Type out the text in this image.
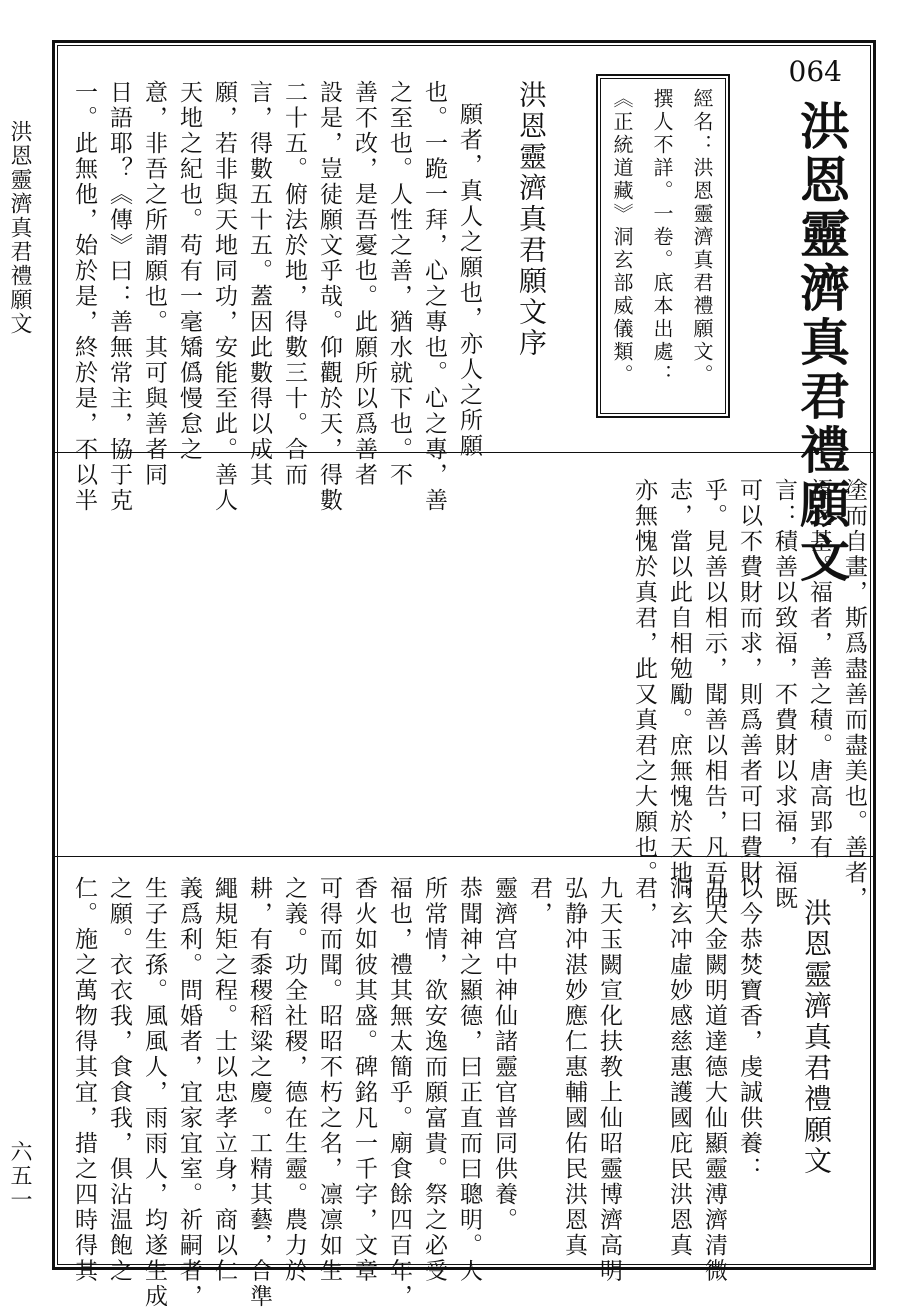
洪恩靈濟真君禮願文
六五一
064
洪恩靈濟真君禮願文
經名：洪恩靈濟真君禮願文。
撰人不詳。一卷。底本出處：
《正統道藏》洞玄部威儀類。
洪恩靈濟真君願文序
願者，真人之願也，亦人之所願
也。一跪一拜，心之專也。心之專，善
之至也。人性之善，猶水就下也。不
善不改，是吾憂也。此願所以爲善者
設是，豈徒願文乎哉。仰觀於天，得數
二十五。俯法於地，得數三十。合而
言，得數五十五。蓋因此數得以成其
願，若非與天地同功，安能至此。善人
天地之紀也。苟有一毫矯僞慢怠之
意，非吾之所謂願也。其可與善者同
日語耶？《傳》曰：善無常主，協于克
一。此無他，始於是，終於是，不以半
塗而自畫，斯爲盡善而盡美也。善者，
福之基。福者，善之積。唐高郢有
言：積善以致福，不費財以求福，福既
可以不費財而求，則爲善者可曰費財
乎。見善以相示，聞善以相告，凡吾同
志，當以此自相勉勵。庶無愧於天地，
亦無愧於真君，此又真君之大願也。
洪恩靈濟真君禮願文
以今恭焚寶香，虔誠供養：
九天金闕明道達德大仙顯靈溥濟清微
洞玄冲虛妙感慈惠護國庇民洪恩真
君，
九天玉闕宣化扶教上仙昭靈博濟高明
弘静冲湛妙應仁惠輔國佑民洪恩真
君，
靈濟宫中神仙諸靈官普同供養。
恭聞神之顯德，曰正直而曰聰明。人
所常情，欲安逸而願富貴。祭之必受
福也，禮其無太簡乎。廟食餘四百年，
香火如彼其盛。碑銘凡一千字，文章
可得而聞。昭昭不朽之名，凛凛如生
之義。功全社稷，德在生靈。農力於
耕，有黍稷稻粱之慶。工精其藝，合準
繩規矩之程。士以忠孝立身，商以仁
義爲利。問婚者，宜家宜室。祈嗣者，
生子生孫。風風人，雨雨人，均遂生成
之願。衣衣我，食食我，俱沾温飽之
仁。施之萬物得其宜，措之四時得其
